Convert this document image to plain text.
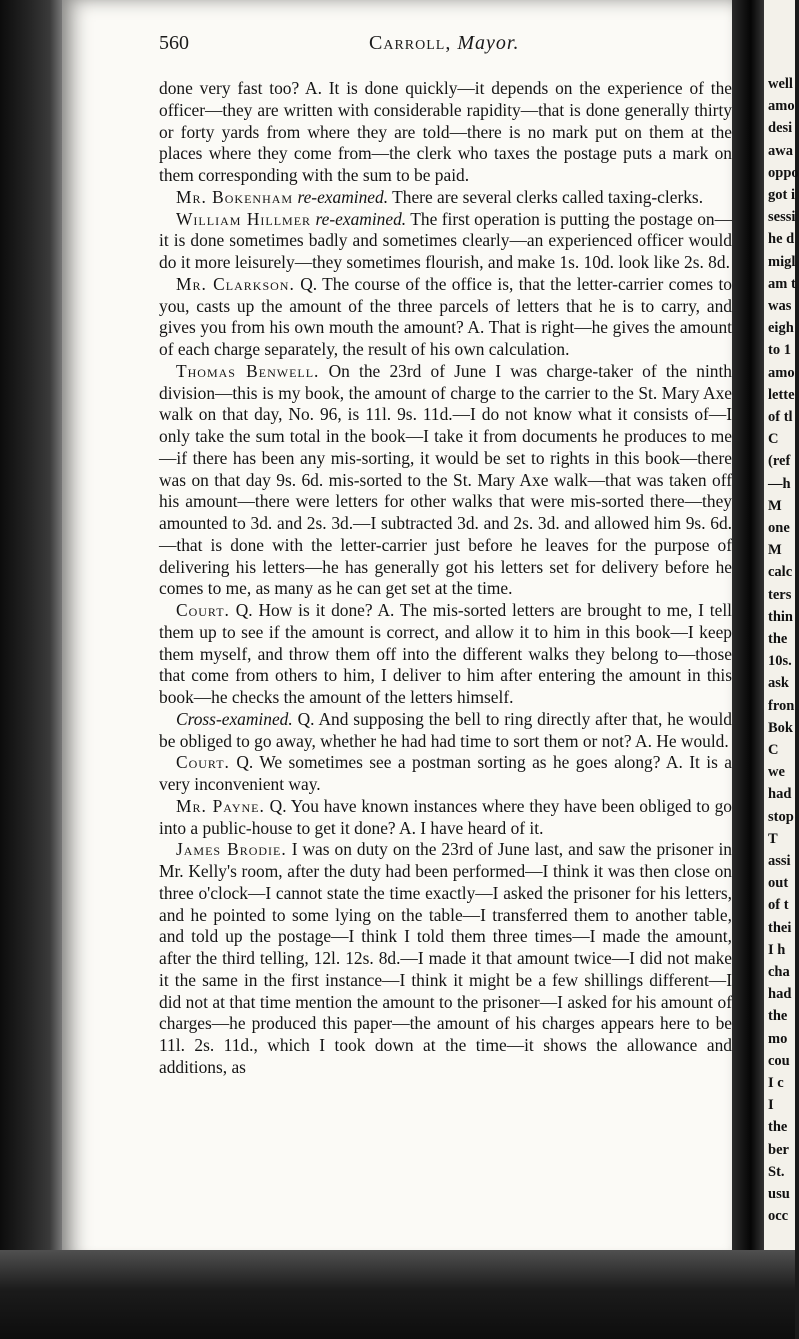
well
amo
desi
awa
oppo
got i
sessi
he d
migl
am t
was
eigh
to 1
amo
lette
of tl
C
(ref
—h
M
one
M
calc
ters
thin
the
10s.
ask
fron
Bok
C
we
had
stop
T
assi
out
of t
thei
I h
cha
had
the
mo
cou
I c
I
the
ber
St.
usu
occ
560	Carroll, Mayor.

done very fast too? A. It is done quickly—it depends on the experience of the officer—they are written with considerable rapidity—that is done generally thirty or forty yards from where they are told—there is no mark put on them at the places where they come from—the clerk who taxes the postage puts a mark on them corresponding with the sum to be paid.

Mr. Bokenham re-examined. There are several clerks called taxing-clerks.

William Hillmer re-examined. The first operation is putting the postage on—it is done sometimes badly and sometimes clearly—an experienced officer would do it more leisurely—they sometimes flourish, and make 1s. 10d. look like 2s. 8d.

Mr. Clarkson. Q. The course of the office is, that the letter-carrier comes to you, casts up the amount of the three parcels of letters that he is to carry, and gives you from his own mouth the amount? A. That is right—he gives the amount of each charge separately, the result of his own calculation.

Thomas Benwell. On the 23rd of June I was charge-taker of the ninth division—this is my book, the amount of charge to the carrier to the St. Mary Axe walk on that day, No. 96, is 11l. 9s. 11d.—I do not know what it consists of—I only take the sum total in the book—I take it from documents he produces to me—if there has been any mis-sorting, it would be set to rights in this book—there was on that day 9s. 6d. mis-sorted to the St. Mary Axe walk—that was taken off his amount—there were letters for other walks that were mis-sorted there—they amounted to 3d. and 2s. 3d.—I subtracted 3d. and 2s. 3d. and allowed him 9s. 6d.—that is done with the letter-carrier just before he leaves for the purpose of delivering his letters—he has generally got his letters set for delivery before he comes to me, as many as he can get set at the time.

Court. Q. How is it done? A. The mis-sorted letters are brought to me, I tell them up to see if the amount is correct, and allow it to him in this book—I keep them myself, and throw them off into the different walks they belong to—those that come from others to him, I deliver to him after entering the amount in this book—he checks the amount of the letters himself.

Cross-examined. Q. And supposing the bell to ring directly after that, he would be obliged to go away, whether he had had time to sort them or not? A. He would.

Court. Q. We sometimes see a postman sorting as he goes along? A. It is a very inconvenient way.

Mr. Payne. Q. You have known instances where they have been obliged to go into a public-house to get it done? A. I have heard of it.

James Brodie. I was on duty on the 23rd of June last, and saw the prisoner in Mr. Kelly's room, after the duty had been performed—I think it was then close on three o'clock—I cannot state the time exactly—I asked the prisoner for his letters, and he pointed to some lying on the table—I transferred them to another table, and told up the postage—I think I told them three times—I made the amount, after the third telling, 12l. 12s. 8d.—I made it that amount twice—I did not make it the same in the first instance—I think it might be a few shillings different—I did not at that time mention the amount to the prisoner—I asked for his amount of charges—he produced this paper—the amount of his charges appears here to be 11l. 2s. 11d., which I took down at the time—it shows the allowance and additions, as
